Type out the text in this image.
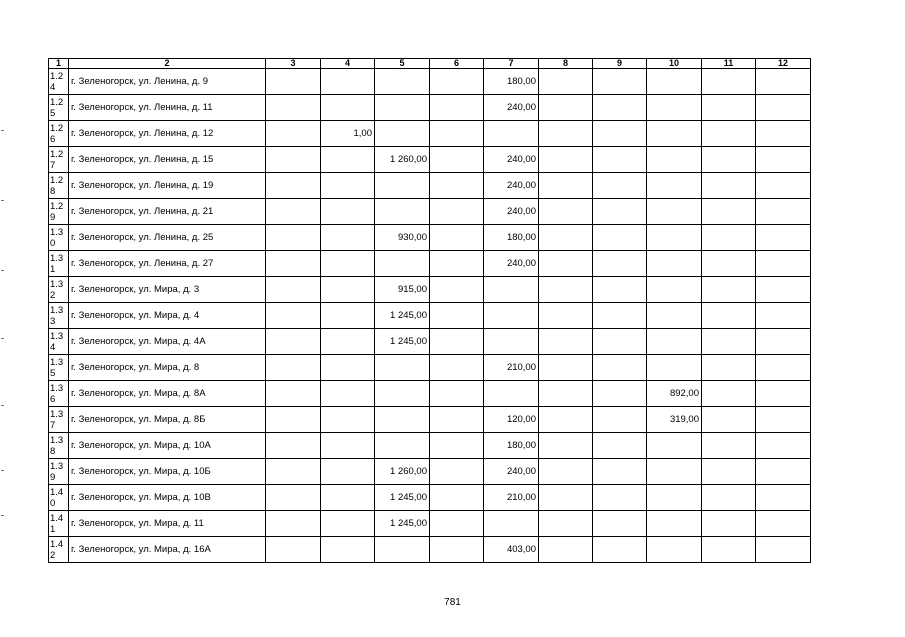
1	2	3	4	5	6	7	8	9	10	11	12
1.2 4	г. Зеленогорск, ул. Ленина, д. 9					180,00					
1.2 5	г. Зеленогорск, ул. Ленина, д. 11					240,00					
1.2 6	г. Зеленогорск, ул. Ленина, д. 12		1,00								
1.2 7	г. Зеленогорск, ул. Ленина, д. 15			1 260,00		240,00					
1.2 8	г. Зеленогорск, ул. Ленина, д. 19					240,00					
1.2 9	г. Зеленогорск, ул. Ленина, д. 21					240,00					
1.3 0	г. Зеленогорск, ул. Ленина, д. 25			930,00		180,00					
1.3 1	г. Зеленогорск, ул. Ленина, д. 27					240,00					
1.3 2	г. Зеленогорск, ул. Мира, д. 3			915,00							
1.3 3	г. Зеленогорск, ул. Мира, д. 4			1 245,00							
1.3 4	г. Зеленогорск, ул. Мира, д. 4А			1 245,00							
1.3 5	г. Зеленогорск, ул. Мира, д. 8					210,00					
1.3 6	г. Зеленогорск, ул. Мира, д. 8А								892,00		
1.3 7	г. Зеленогорск, ул. Мира, д. 8Б					120,00			319,00		
1.3 8	г. Зеленогорск, ул. Мира, д. 10А					180,00					
1.3 9	г. Зеленогорск, ул. Мира, д. 10Б			1 260,00		240,00					
1.4 0	г. Зеленогорск, ул. Мира, д. 10В			1 245,00		210,00					
1.4 1	г. Зеленогорск, ул. Мира, д. 11			1 245,00							
1.4 2	г. Зеленогорск, ул. Мира, д. 16А					403,00					
781
